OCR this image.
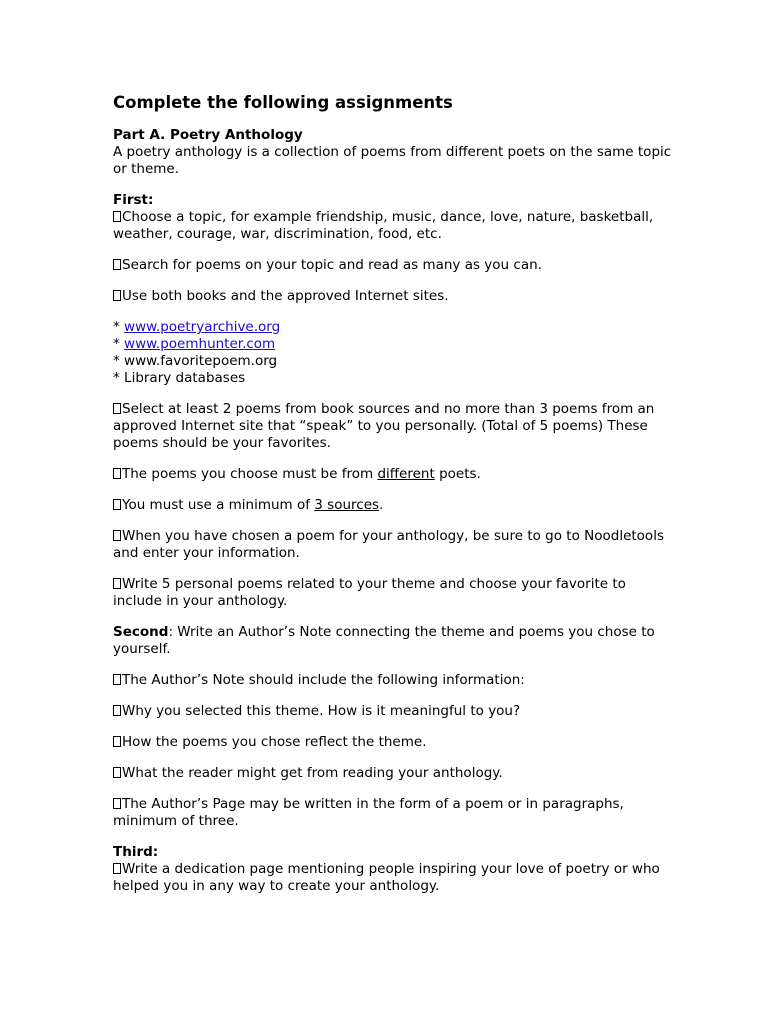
Complete the following assignments

Part A. Poetry Anthology

A poetry anthology is a collection of poems from different poets on the same topic or theme.

First:

Choose a topic, for example friendship, music, dance, love, nature, basketball, weather, courage, war, discrimination, food, etc.

Search for poems on your topic and read as many as you can.

Use both books and the approved Internet sites.

* www.poetryarchive.org

* www.poemhunter.com

* www.favoritepoem.org

* Library databases

Select at least 2 poems from book sources and no more than 3 poems from an approved Internet site that “speak” to you personally. (Total of 5 poems) These poems should be your favorites.

The poems you choose must be from different poets.

You must use a minimum of 3 sources.

When you have chosen a poem for your anthology, be sure to go to Noodletools and enter your information.

Write 5 personal poems related to your theme and choose your favorite to include in your anthology.

Second: Write an Author’s Note connecting the theme and poems you chose to yourself.

The Author’s Note should include the following information:

Why you selected this theme. How is it meaningful to you?

How the poems you chose reflect the theme.

What the reader might get from reading your anthology.

The Author’s Page may be written in the form of a poem or in paragraphs, minimum of three.

Third:

Write a dedication page mentioning people inspiring your love of poetry or who helped you in any way to create your anthology.
